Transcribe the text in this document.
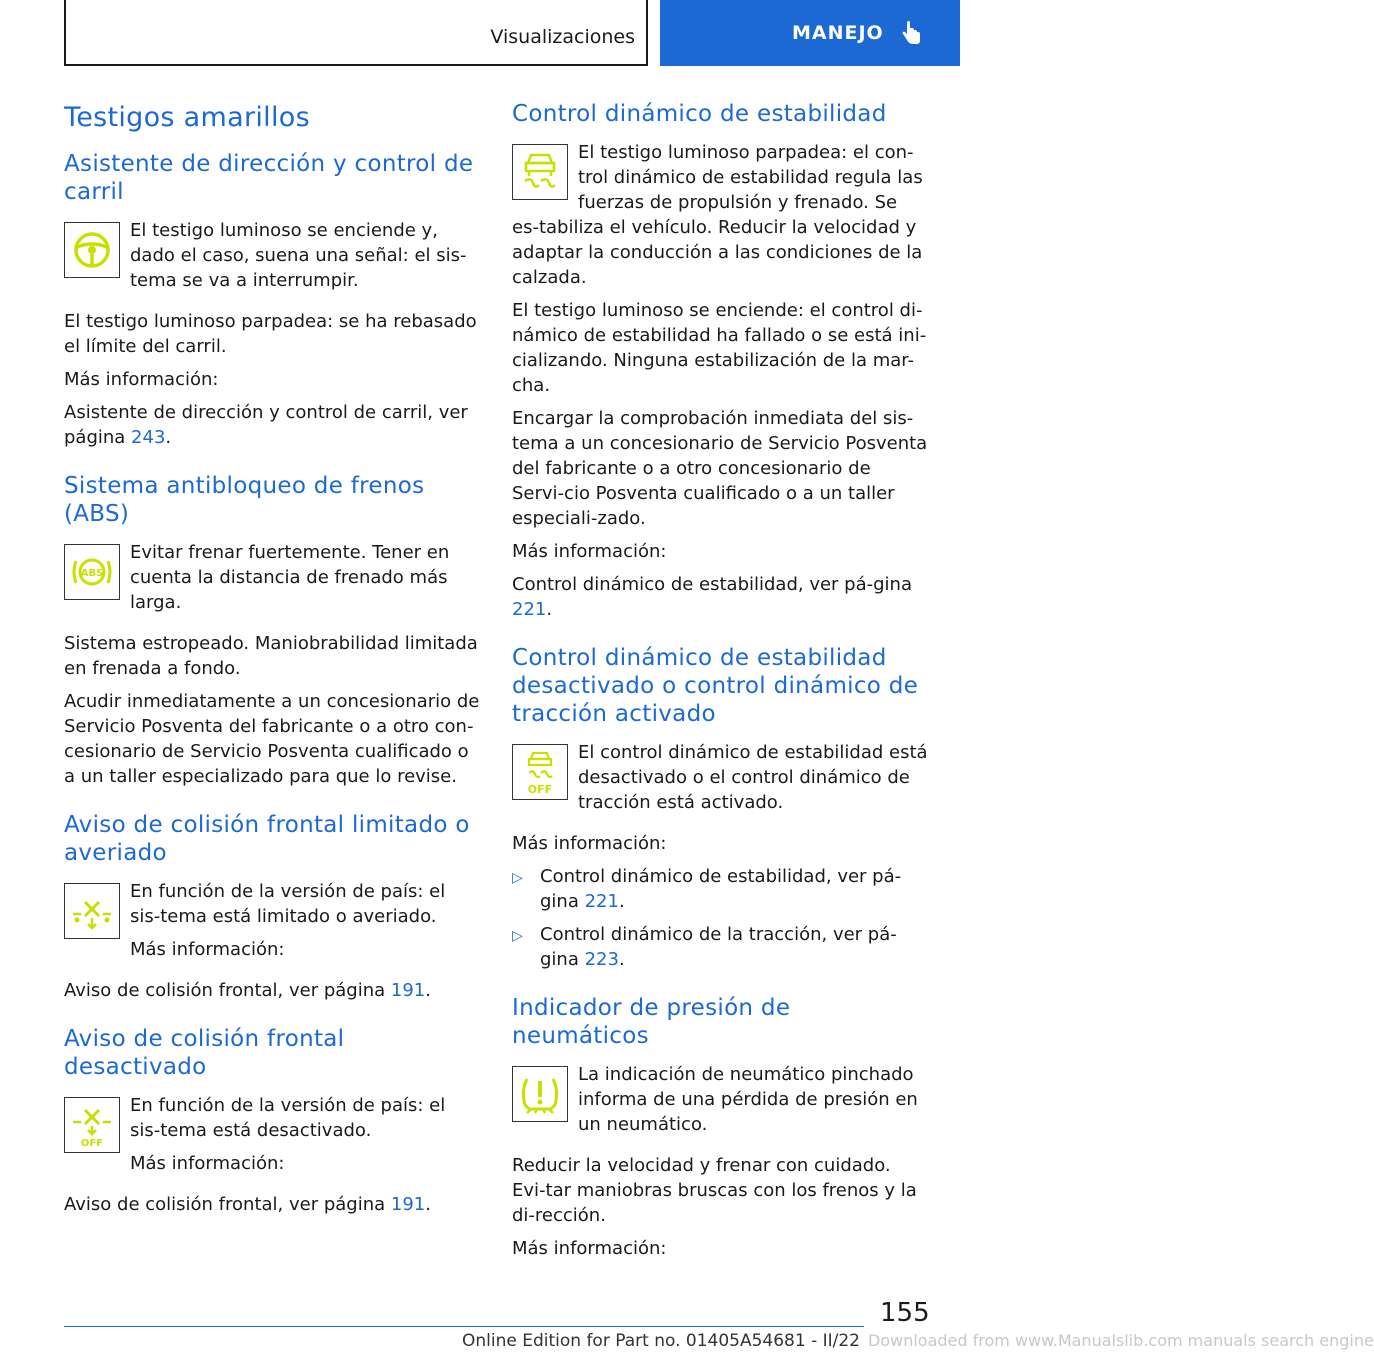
Visualizaciones	MANEJO
Testigos amarillos
Asistente de dirección y control de carril

El testigo luminoso se enciende y, dado el caso, suena una señal: el sis-tema se va a interrumpir.

El testigo luminoso parpadea: se ha rebasado el límite del carril.

Más información:

Asistente de dirección y control de carril, ver página 243.

Sistema antibloqueo de frenos (ABS)
ABS

Evitar frenar fuertemente. Tener en cuenta la distancia de frenado más larga.

Sistema estropeado. Maniobrabilidad limitada en frenada a fondo.

Acudir inmediatamente a un concesionario de Servicio Posventa del fabricante o a otro con-cesionario de Servicio Posventa cualificado o a un taller especializado para que lo revise.

Aviso de colisión frontal limitado o averiado

En función de la versión de país: el sis-tema está limitado o averiado.

Más información:

Aviso de colisión frontal, ver página 191.

Aviso de colisión frontal desactivado
OFF

En función de la versión de país: el sis-tema está desactivado.

Más información:

Aviso de colisión frontal, ver página 191.

Control dinámico de estabilidad

El testigo luminoso parpadea: el con-trol dinámico de estabilidad regula las fuerzas de propulsión y frenado. Se es-tabiliza el vehículo. Reducir la velocidad y adaptar la conducción a las condiciones de la calzada.

El testigo luminoso se enciende: el control di-námico de estabilidad ha fallado o se está ini-cializando. Ninguna estabilización de la mar-cha.

Encargar la comprobación inmediata del sis-tema a un concesionario de Servicio Posventa del fabricante o a otro concesionario de Servi-cio Posventa cualificado o a un taller especiali-zado.

Más información:

Control dinámico de estabilidad, ver pá-gina 221.

Control dinámico de estabilidad desactivado o control dinámico de tracción activado
OFF

El control dinámico de estabilidad está desactivado o el control dinámico de tracción está activado.

Más información:

▷ Control dinámico de estabilidad, ver pá-gina 221.
▷ Control dinámico de la tracción, ver pá-gina 223.
Indicador de presión de neumáticos

La indicación de neumático pinchado informa de una pérdida de presión en un neumático.

Reducir la velocidad y frenar con cuidado. Evi-tar maniobras bruscas con los frenos y la di-rección.

Más información:

155
Online Edition for Part no. 01405A54681 - II/22 Downloaded from www.Manualslib.com manuals search engine
